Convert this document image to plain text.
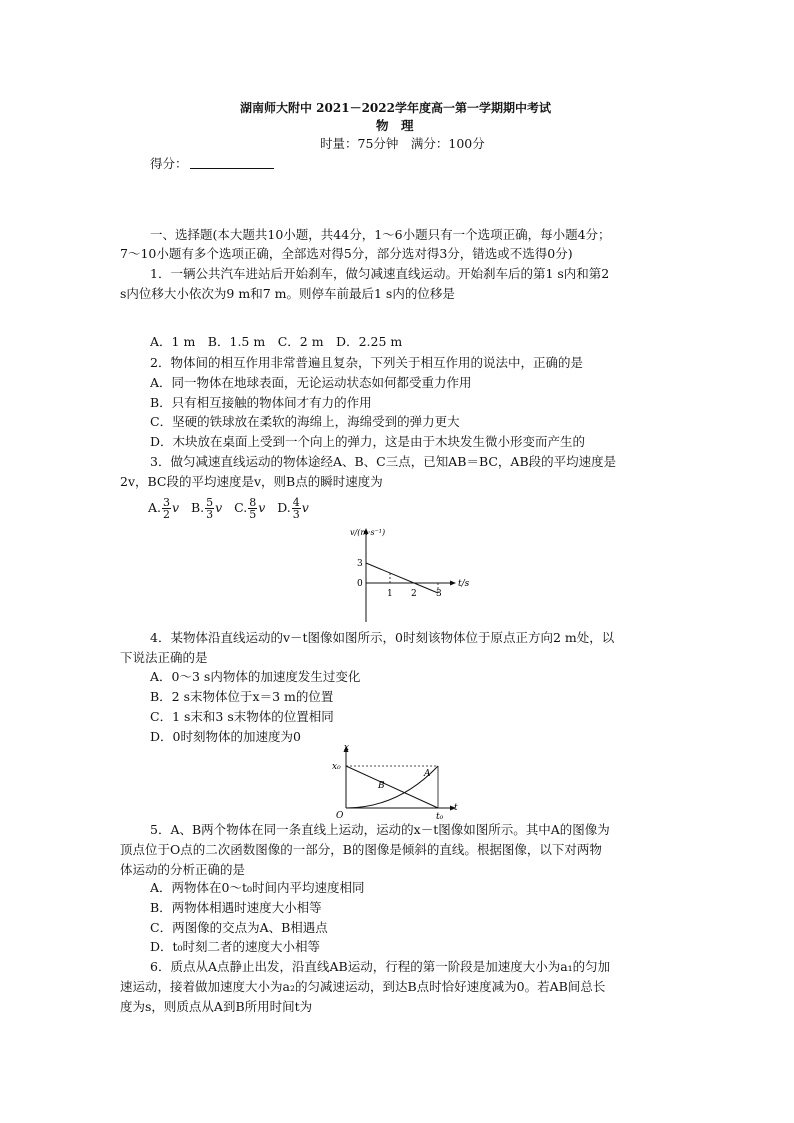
湖南师大附中 2021－2022学年度高一第一学期期中考试
物　理
时量：75分钟　满分：100分
得分：
一、选择题(本大题共10小题，共44分，1～6小题只有一个选项正确，每小题4分；
7～10小题有多个选项正确，全部选对得5分，部分选对得3分，错选或不选得0分)
1．一辆公共汽车进站后开始刹车，做匀减速直线运动。开始刹车后的第1 s内和第2
s内位移大小依次为9 m和7 m。则停车前最后1 s内的位移是
A．1 m　B．1.5 m　C．2 m　D．2.25 m
2．物体间的相互作用非常普遍且复杂，下列关于相互作用的说法中，正确的是
A．同一物体在地球表面，无论运动状态如何都受重力作用
B．只有相互接触的物体间才有力的作用
C．坚硬的铁球放在柔软的海绵上，海绵受到的弹力更大
D．木块放在桌面上受到一个向上的弹力，这是由于木块发生微小形变而产生的
3．做匀减速直线运动的物体途经A、B、C三点，已知AB＝BC，AB段的平均速度是
2v，BC段的平均速度是v，则B点的瞬时速度为
A. $\frac{3}{2}$ v B. $\frac{5}{3}$ v C. $\frac{8}{5}$ v D. $\frac{4}{3}$ v
v/(m·s⁻¹)
t/s
3
0
1 2 3
4．某物体沿直线运动的v－t图像如图所示，0时刻该物体位于原点正方向2 m处，以
下说法正确的是
A．0～3 s内物体的加速度发生过变化
B．2 s末物体位于x＝3 m的位置
C．1 s末和3 s末物体的位置相同
D．0时刻物体的加速度为0
x
t
x₀
t₀
O
A
B
5．A、B两个物体在同一条直线上运动，运动的x－t图像如图所示。其中A的图像为
顶点位于O点的二次函数图像的一部分，B的图像是倾斜的直线。根据图像，以下对两物
体运动的分析正确的是
A．两物体在0～t₀时间内平均速度相同
B．两物体相遇时速度大小相等
C．两图像的交点为A、B相遇点
D．t₀时刻二者的速度大小相等
6．质点从A点静止出发，沿直线AB运动，行程的第一阶段是加速度大小为a₁的匀加
速运动，接着做加速度大小为a₂的匀减速运动，到达B点时恰好速度减为0。若AB间总长
度为s，则质点从A到B所用时间t为
